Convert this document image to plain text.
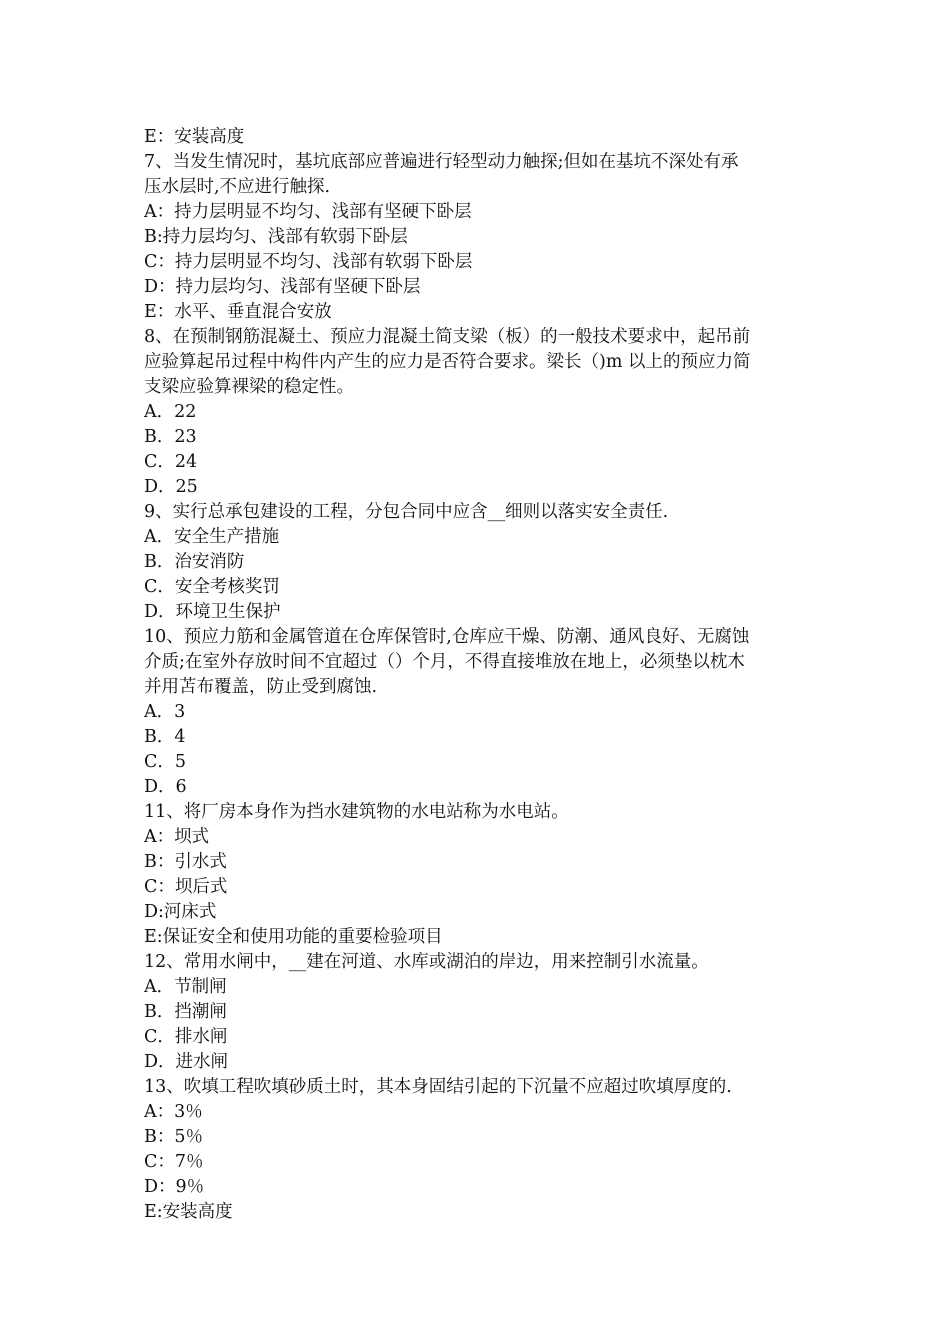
E：安装高度
7、当发生情况时，基坑底部应普遍进行轻型动力触探;但如在基坑不深处有承
压水层时,不应进行触探.
A：持力层明显不均匀、浅部有坚硬下卧层
B:持力层均匀、浅部有软弱下卧层
C：持力层明显不均匀、浅部有软弱下卧层
D：持力层均匀、浅部有坚硬下卧层
E：水平、垂直混合安放
8、在预制钢筋混凝土、预应力混凝土简支梁（板）的一般技术要求中，起吊前
应验算起吊过程中构件内产生的应力是否符合要求。梁长（)m 以上的预应力简
支梁应验算裸梁的稳定性。
A．22
B．23
C．24
D．25
9、实行总承包建设的工程，分包合同中应含__细则以落实安全责任.
A．安全生产措施
B．治安消防
C．安全考核奖罚
D．环境卫生保护
10、预应力筋和金属管道在仓库保管时,仓库应干燥、防潮、通风良好、无腐蚀
介质;在室外存放时间不宜超过（）个月，不得直接堆放在地上，必须垫以枕木
并用苫布覆盖，防止受到腐蚀.
A．3
B．4
C．5
D．6
11、将厂房本身作为挡水建筑物的水电站称为水电站。
A：坝式
B：引水式
C：坝后式
D:河床式
E:保证安全和使用功能的重要检验项目
12、常用水闸中，__建在河道、水库或湖泊的岸边，用来控制引水流量。
A．节制闸
B．挡潮闸
C．排水闸
D．进水闸
13、吹填工程吹填砂质土时，其本身固结引起的下沉量不应超过吹填厚度的.
A：3％
B：5％
C：7％
D：9％
E:安装高度
